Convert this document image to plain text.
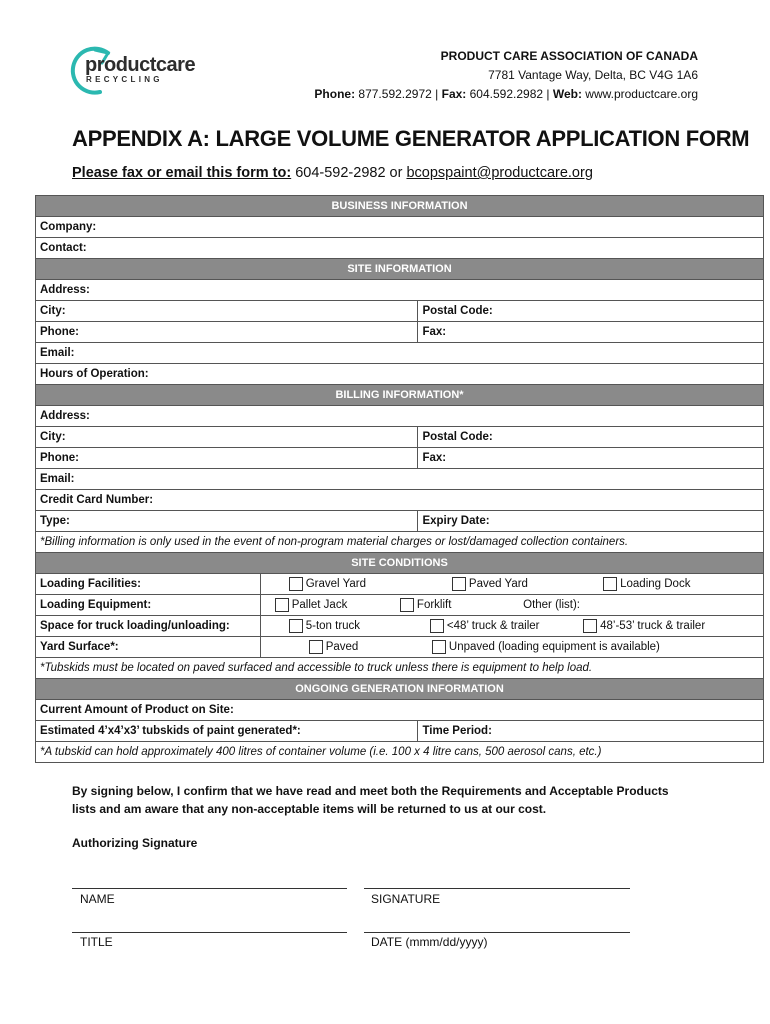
productcare
RECYCLING
PRODUCT CARE ASSOCIATION OF CANADA
7781 Vantage Way, Delta, BC V4G 1A6
Phone: 877.592.2972 | Fax: 604.592.2982 | Web: www.productcare.org
APPENDIX A: LARGE VOLUME GENERATOR APPLICATION FORM
Please fax or email this form to: 604-592-2982 or bcopspaint@productcare.org
BUSINESS INFORMATION		
Company:		
Contact:		
SITE INFORMATION		
Address:		
City:		Postal Code:
Phone:		Fax:
Email:		
Hours of Operation:		
BILLING INFORMATION*		
Address:		
City:		Postal Code:
Phone:		Fax:
Email:		
Credit Card Number:		
Type:		Expiry Date:
*Billing information is only used in the event of non-program material charges or lost/damaged collection containers.		
SITE CONDITIONS		
Loading Facilities:	Gravel Yard Paved Yard Loading Dock	
Loading Equipment:	Pallet Jack Forklift Other (list):	
Space for truck loading/unloading:	5-ton truck <48’ truck & trailer 48’-53’ truck & trailer	
Yard Surface*:	Paved Unpaved (loading equipment is available)	
*Tubskids must be located on paved surfaced and accessible to truck unless there is equipment to help load.		
ONGOING GENERATION INFORMATION		
Current Amount of Product on Site:		
Estimated 4’x4’x3’ tubskids of paint generated*:		Time Period:
*A tubskid can hold approximately 400 litres of container volume (i.e. 100 x 4 litre cans, 500 aerosol cans, etc.)		
By signing below, I confirm that we have read and meet both the Requirements and Acceptable Products lists and am aware that any non-acceptable items will be returned to us at our cost.
Authorizing Signature
NAME	SIGNATURE
TITLE	DATE (mmm/dd/yyyy)
